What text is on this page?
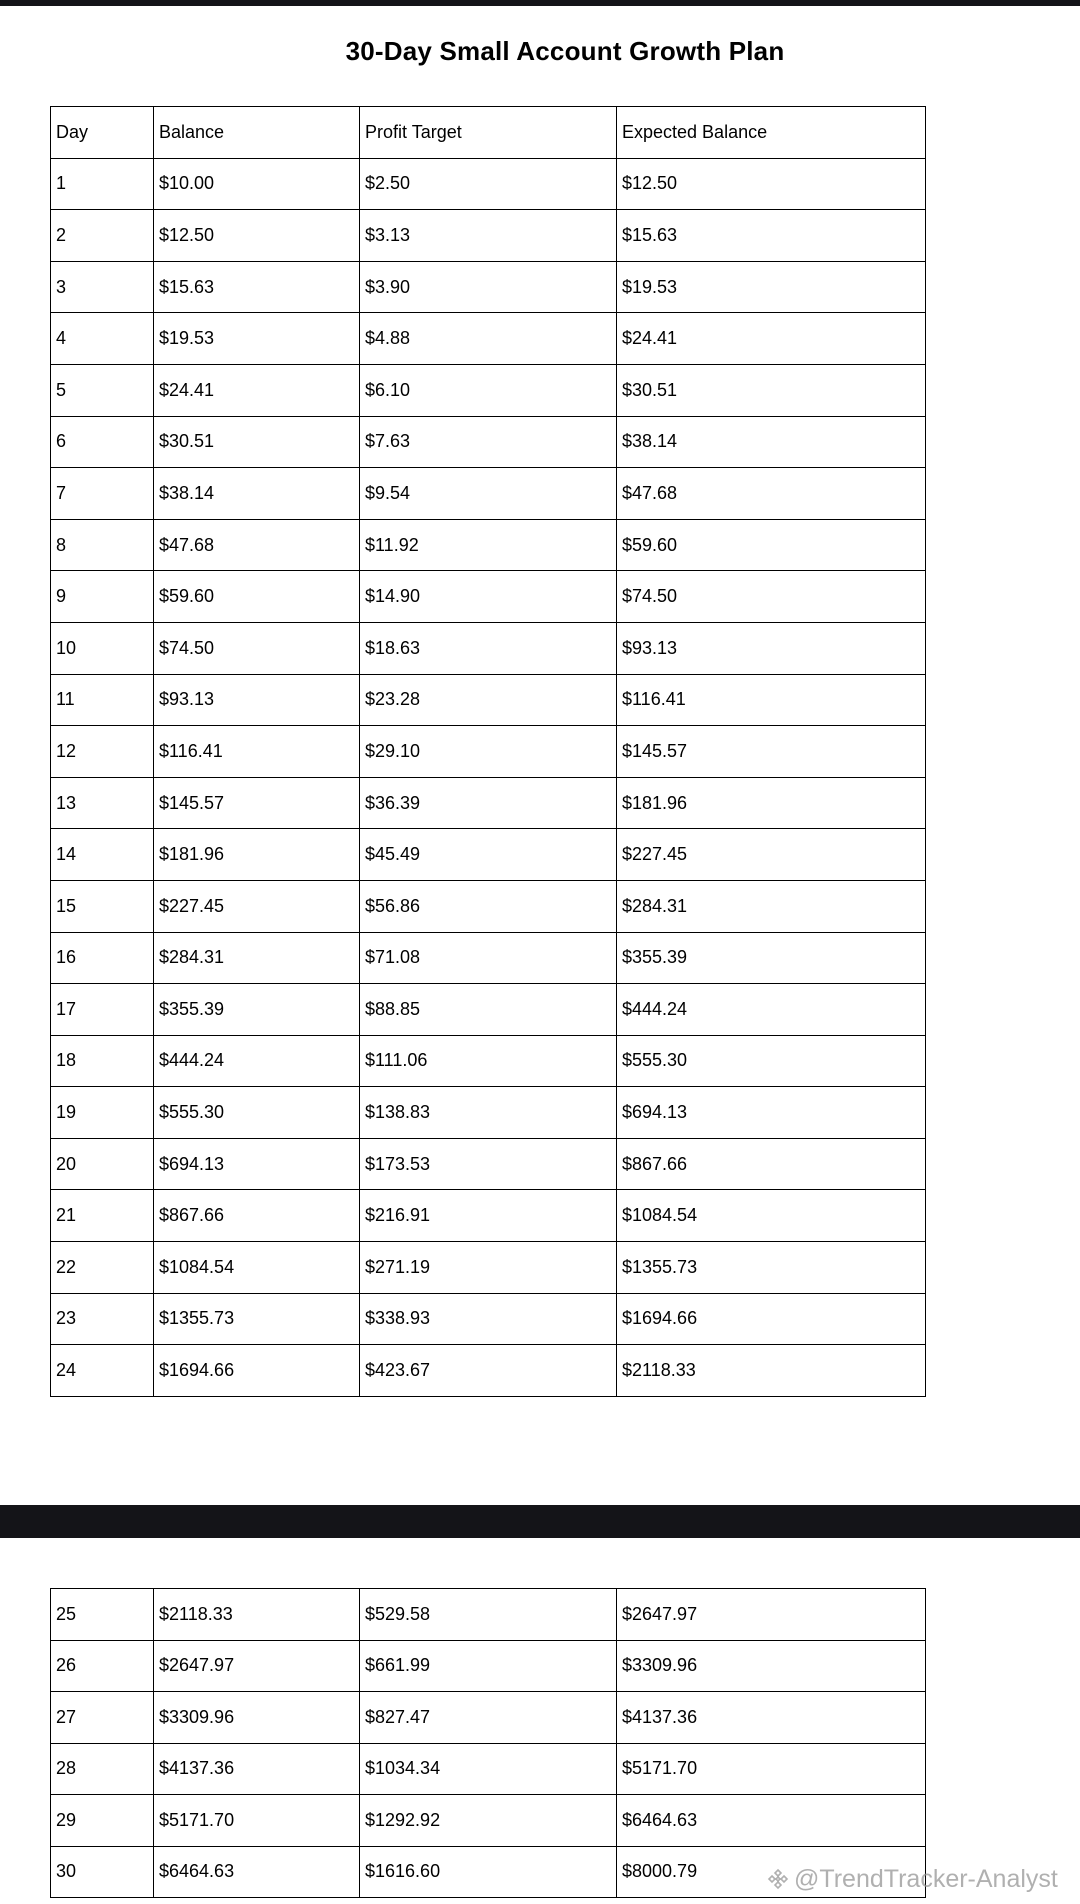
30-Day Small Account Growth Plan
Day	Balance	Profit Target	Expected Balance
1	$10.00	$2.50	$12.50
2	$12.50	$3.13	$15.63
3	$15.63	$3.90	$19.53
4	$19.53	$4.88	$24.41
5	$24.41	$6.10	$30.51
6	$30.51	$7.63	$38.14
7	$38.14	$9.54	$47.68
8	$47.68	$11.92	$59.60
9	$59.60	$14.90	$74.50
10	$74.50	$18.63	$93.13
11	$93.13	$23.28	$116.41
12	$116.41	$29.10	$145.57
13	$145.57	$36.39	$181.96
14	$181.96	$45.49	$227.45
15	$227.45	$56.86	$284.31
16	$284.31	$71.08	$355.39
17	$355.39	$88.85	$444.24
18	$444.24	$111.06	$555.30
19	$555.30	$138.83	$694.13
20	$694.13	$173.53	$867.66
21	$867.66	$216.91	$1084.54
22	$1084.54	$271.19	$1355.73
23	$1355.73	$338.93	$1694.66
24	$1694.66	$423.67	$2118.33
25	$2118.33	$529.58	$2647.97
26	$2647.97	$661.99	$3309.96
27	$3309.96	$827.47	$4137.36
28	$4137.36	$1034.34	$5171.70
29	$5171.70	$1292.92	$6464.63
30	$6464.63	$1616.60	$8000.79	@TrendTracker-Analyst
